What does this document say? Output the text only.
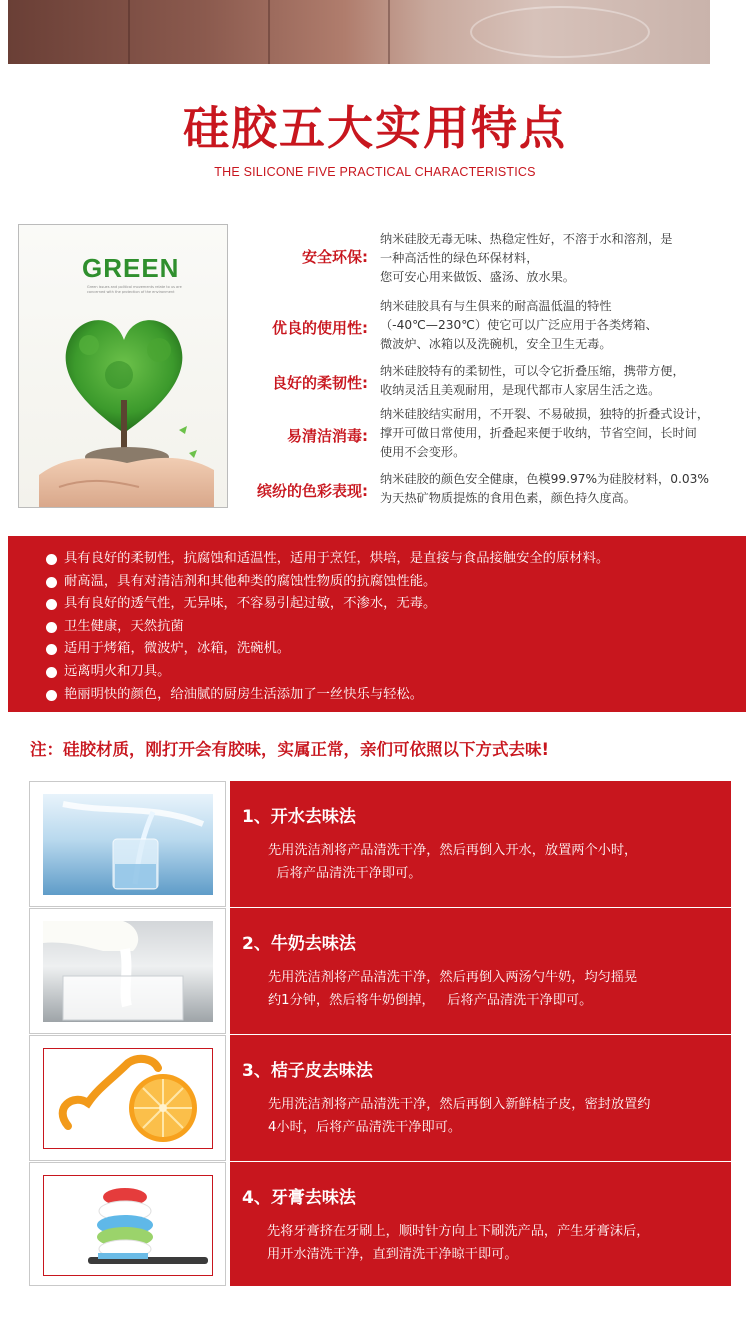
硅胶五大实用特点
THE SILICONE FIVE PRACTICAL CHARACTERISTICS
GREEN
Green issues and political movements relate to us are concerned with the protection of the environment
安全环保:
纳米硅胶无毒无味、热稳定性好，不溶于水和溶剂，是
一种高活性的绿色环保材料，
您可安心用来做饭、盛汤、放水果。
优良的使用性:
纳米硅胶具有与生俱来的耐高温低温的特性
（-40℃—230℃）使它可以广泛应用于各类烤箱、
微波炉、冰箱以及洗碗机，安全卫生无毒。
良好的柔韧性:
纳米硅胶特有的柔韧性，可以令它折叠压缩，携带方便，
收纳灵活且美观耐用，是现代都市人家居生活之选。
易清洁消毒:
纳米硅胶结实耐用，不开裂、不易破损，独特的折叠式设计，
撑开可做日常使用，折叠起来便于收纳，节省空间，长时间
使用不会变形。
缤纷的色彩表现:
纳米硅胶的颜色安全健康，色模99.97%为硅胶材料，0.03%
为天热矿物质提炼的食用色素，颜色持久度高。
具有良好的柔韧性，抗腐蚀和适温性，适用于烹饪，烘培，是直接与食品接触安全的原材料。
耐高温，具有对清洁剂和其他种类的腐蚀性物质的抗腐蚀性能。
具有良好的透气性，无异味，不容易引起过敏，不渗水，无毒。
卫生健康，天然抗菌
适用于烤箱，微波炉，冰箱，洗碗机。
远离明火和刀具。
艳丽明快的颜色，给油腻的厨房生活添加了一丝快乐与轻松。
注：硅胶材质，刚打开会有胶味，实属正常，亲们可依照以下方式去味!
1、开水去味法
先用洗洁剂将产品清洗干净，然后再倒入开水，放置两个小时，
后将产品清洗干净即可。
2、牛奶去味法
先用洗洁剂将产品清洗干净，然后再倒入两汤勺牛奶，均匀摇晃
约1分钟，然后将牛奶倒掉，   后将产品清洗干净即可。
3、桔子皮去味法
先用洗洁剂将产品清洗干净，然后再倒入新鲜桔子皮，密封放置约
4小时，后将产品清洗干净即可。
4、牙膏去味法
先将牙膏挤在牙刷上，顺时针方向上下刷洗产品，产生牙膏沫后，
用开水清洗干净，直到清洗干净晾干即可。
